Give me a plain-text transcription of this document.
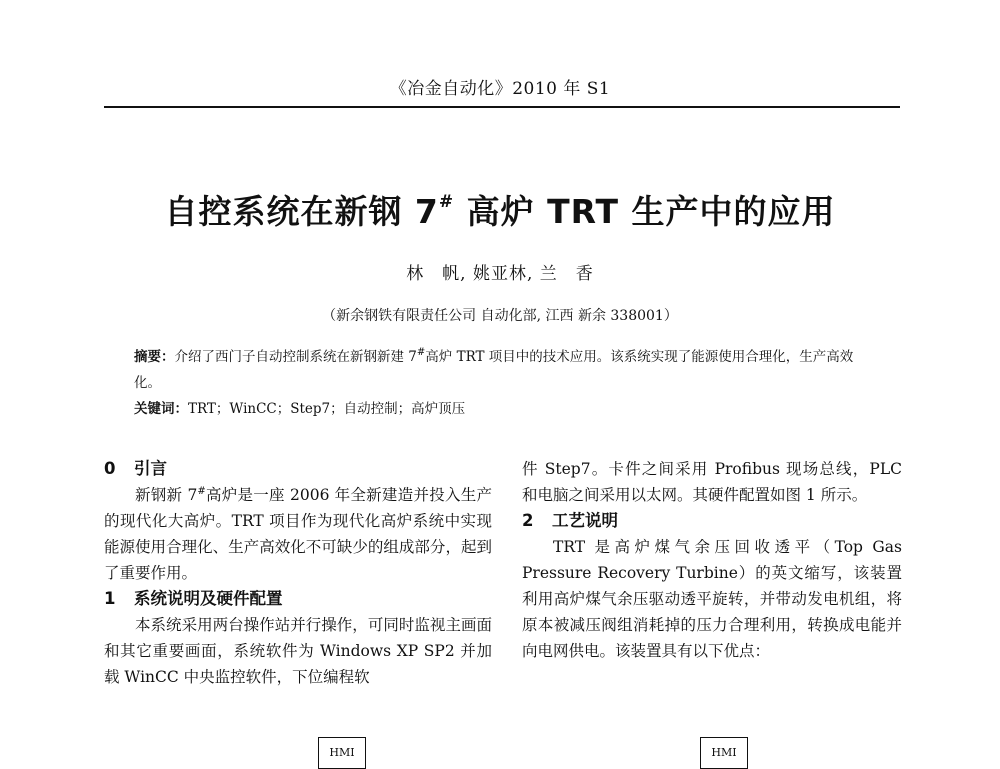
《冶金自动化》2010 年 S1
自控系统在新钢 7# 高炉 TRT 生产中的应用
林　帆, 姚亚林, 兰　香
（新余钢铁有限责任公司 自动化部, 江西 新余 338001）

摘要：介绍了西门子自动控制系统在新钢新建 7#高炉 TRT 项目中的技术应用。该系统实现了能源使用合理化，生产高效化。

关键词：TRT；WinCC；Step7；自动控制；高炉顶压

0 引言

新钢新 7#高炉是一座 2006 年全新建造并投入生产的现代化大高炉。TRT 项目作为现代化高炉系统中实现能源使用合理化、生产高效化不可缺少的组成部分，起到了重要作用。

1 系统说明及硬件配置

本系统采用两台操作站并行操作，可同时监视主画面和其它重要画面，系统软件为 Windows XP SP2 并加载 WinCC 中央监控软件，下位编程软

件 Step7。卡件之间采用 Profibus 现场总线，PLC 和电脑之间采用以太网。其硬件配置如图 1 所示。

2 工艺说明

TRT 是高炉煤气余压回收透平（Top Gas Pressure Recovery Turbine）的英文缩写，该装置利用高炉煤气余压驱动透平旋转，并带动发电机组，将原本被减压阀组消耗掉的压力合理利用，转换成电能并向电网供电。该装置具有以下优点：

HMI	HMI
